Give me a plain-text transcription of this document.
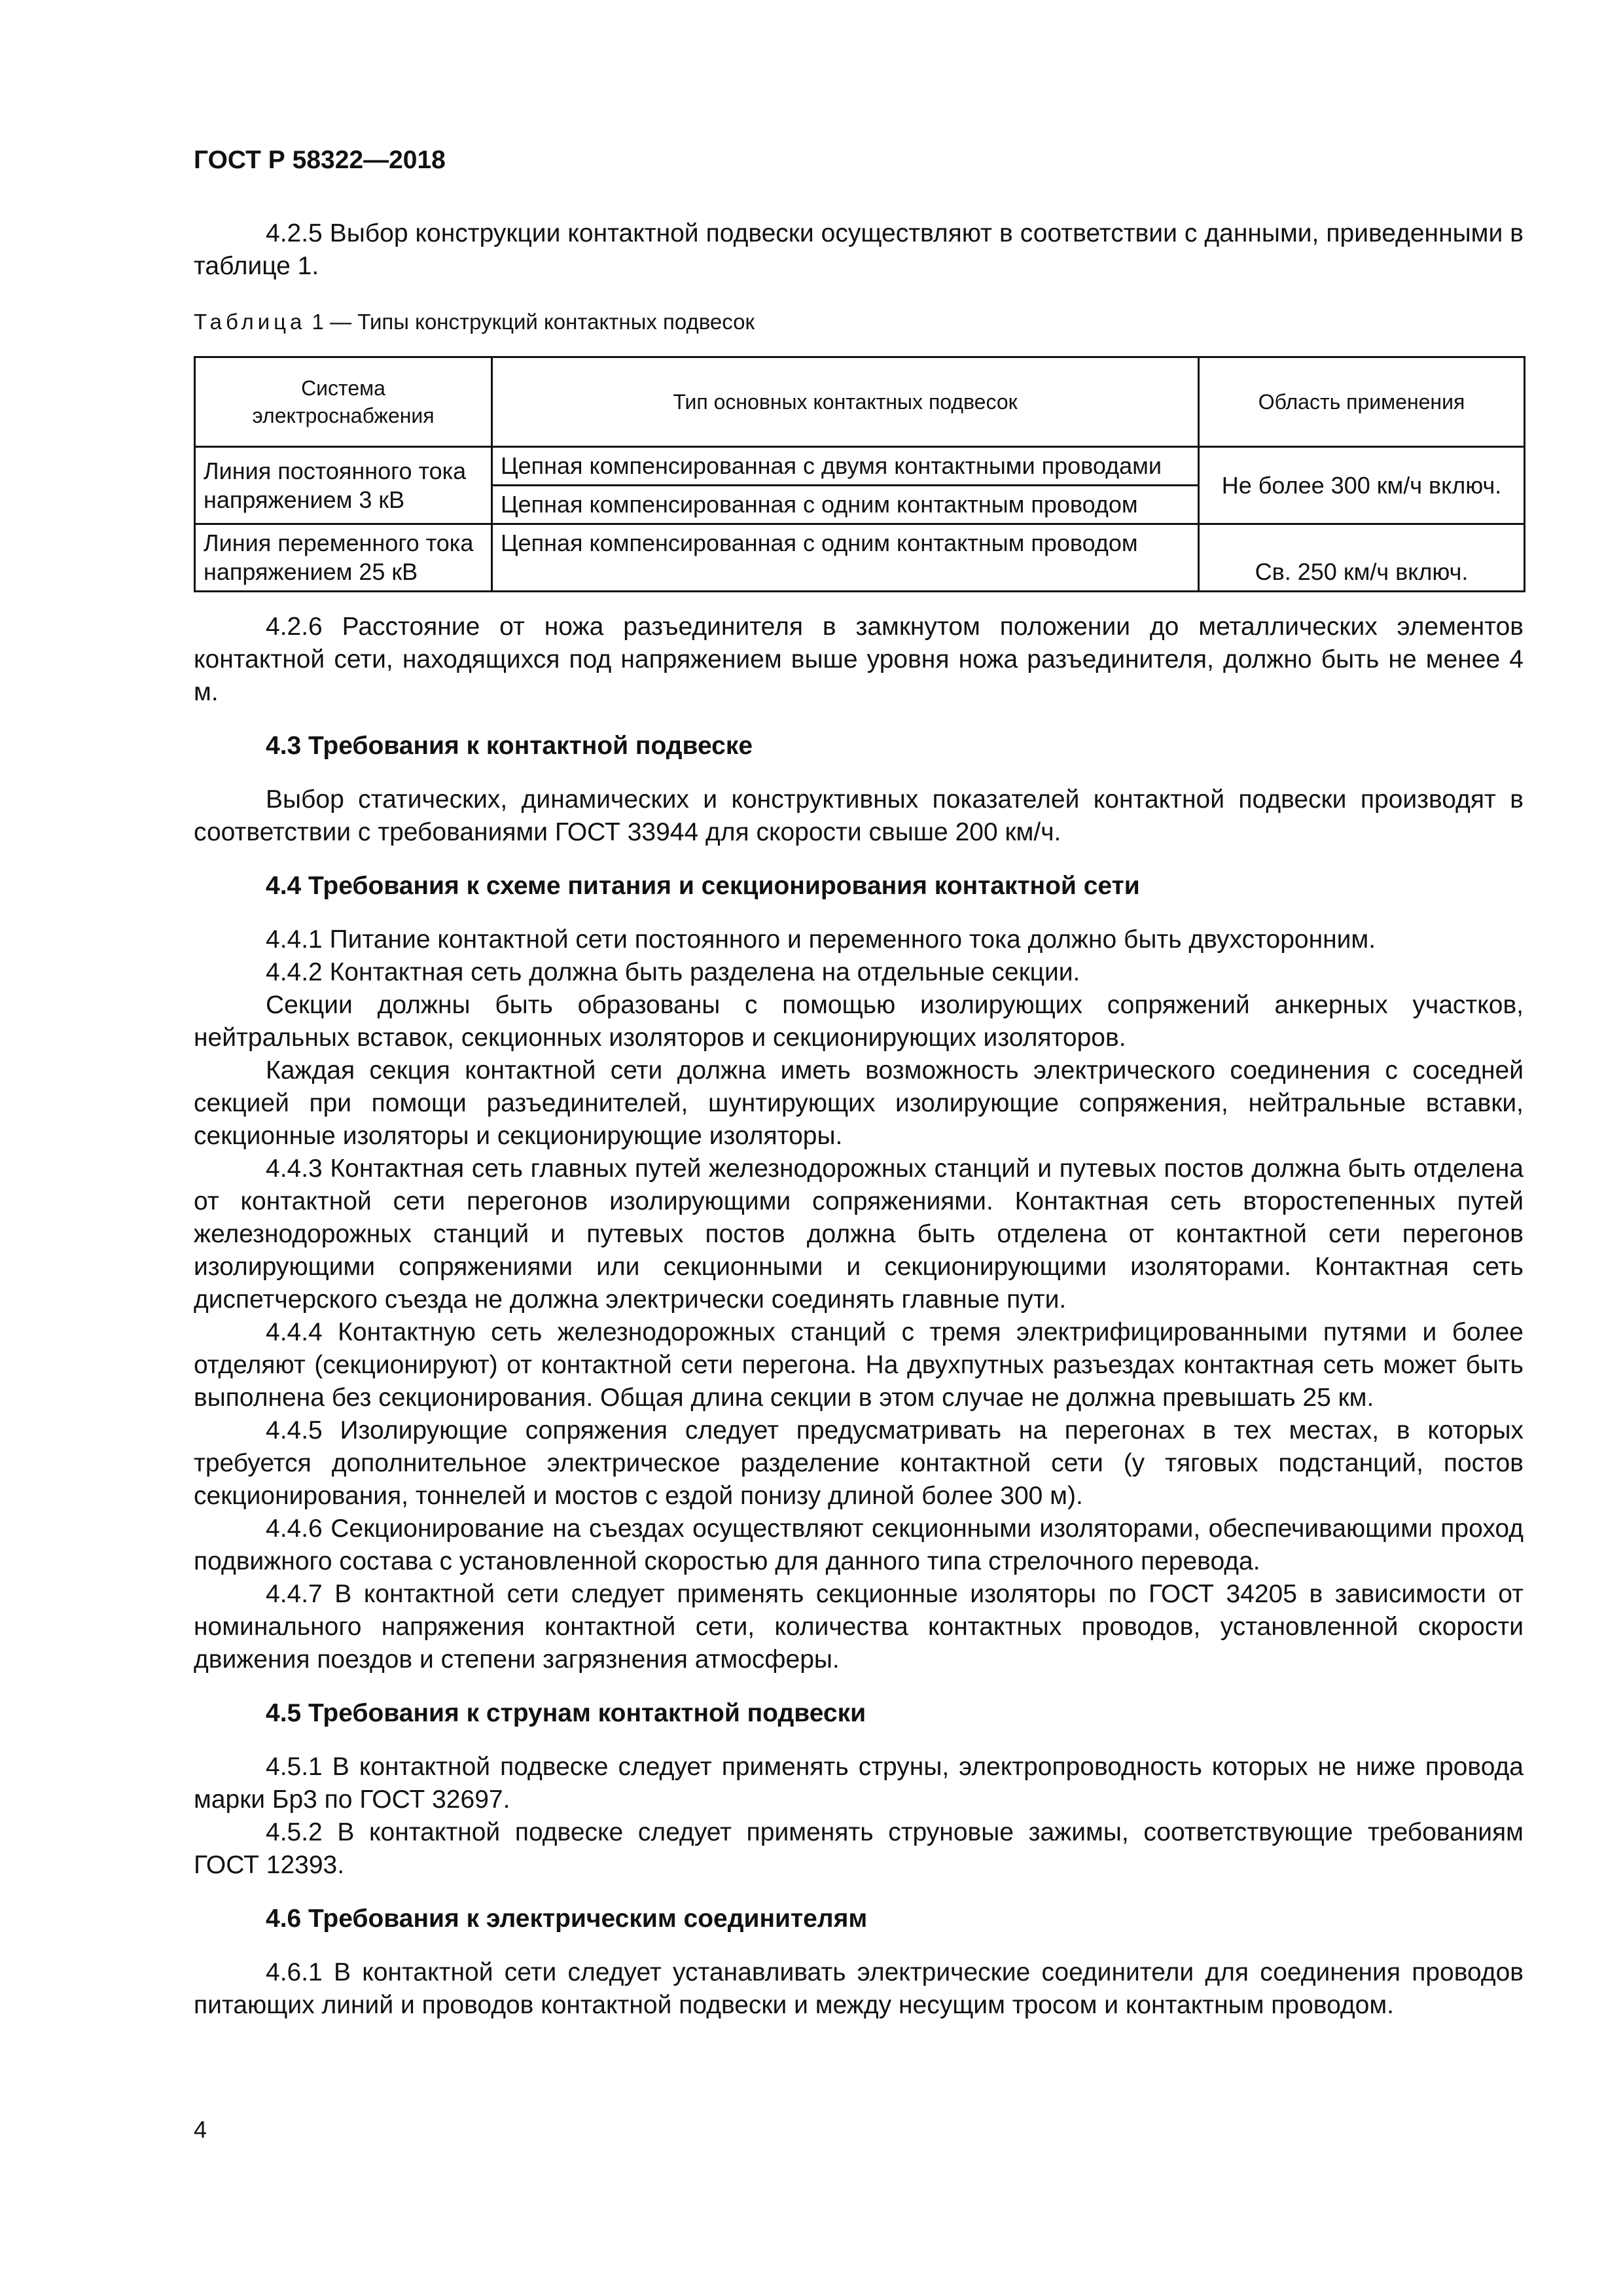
ГОСТ Р 58322—2018

4.2.5 Выбор конструкции контактной подвески осуществляют в соответствии с данными, приведенными в таблице 1.

Таблица 1 — Типы конструкций контактных подвесок
Система электроснабжения	Тип основных контактных подвесок	Область применения
Линия постоянного тока напряжением 3 кВ	Цепная компенсированная с двумя контактными проводами	Не более 300 км/ч включ.
	Цепная компенсированная с одним контактным проводом	
Линия переменного тока напряжением 25 кВ	Цепная компенсированная с одним контактным проводом	Св. 250 км/ч включ.

4.2.6 Расстояние от ножа разъединителя в замкнутом положении до металлических элементов контактной сети, находящихся под напряжением выше уровня ножа разъединителя, должно быть не менее 4 м.

4.3 Требования к контактной подвеске

Выбор статических, динамических и конструктивных показателей контактной подвески производят в соответствии с требованиями ГОСТ 33944 для скорости свыше 200 км/ч.

4.4 Требования к схеме питания и секционирования контактной сети

4.4.1 Питание контактной сети постоянного и переменного тока должно быть двухсторонним.

4.4.2 Контактная сеть должна быть разделена на отдельные секции.

Секции должны быть образованы с помощью изолирующих сопряжений анкерных участков, нейтральных вставок, секционных изоляторов и секционирующих изоляторов.

Каждая секция контактной сети должна иметь возможность электрического соединения с соседней секцией при помощи разъединителей, шунтирующих изолирующие сопряжения, нейтральные вставки, секционные изоляторы и секционирующие изоляторы.

4.4.3 Контактная сеть главных путей железнодорожных станций и путевых постов должна быть отделена от контактной сети перегонов изолирующими сопряжениями. Контактная сеть второстепенных путей железнодорожных станций и путевых постов должна быть отделена от контактной сети перегонов изолирующими сопряжениями или секционными и секционирующими изоляторами. Контактная сеть диспетчерского съезда не должна электрически соединять главные пути.

4.4.4 Контактную сеть железнодорожных станций с тремя электрифицированными путями и более отделяют (секционируют) от контактной сети перегона. На двухпутных разъездах контактная сеть может быть выполнена без секционирования. Общая длина секции в этом случае не должна превышать 25 км.

4.4.5 Изолирующие сопряжения следует предусматривать на перегонах в тех местах, в которых требуется дополнительное электрическое разделение контактной сети (у тяговых подстанций, постов секционирования, тоннелей и мостов с ездой понизу длиной более 300 м).

4.4.6 Секционирование на съездах осуществляют секционными изоляторами, обеспечивающими проход подвижного состава с установленной скоростью для данного типа стрелочного перевода.

4.4.7 В контактной сети следует применять секционные изоляторы по ГОСТ 34205 в зависимости от номинального напряжения контактной сети, количества контактных проводов, установленной скорости движения поездов и степени загрязнения атмосферы.

4.5 Требования к струнам контактной подвески

4.5.1 В контактной подвеске следует применять струны, электропроводность которых не ниже провода марки Бр3 по ГОСТ 32697.

4.5.2 В контактной подвеске следует применять струновые зажимы, соответствующие требованиям ГОСТ 12393.

4.6 Требования к электрическим соединителям

4.6.1 В контактной сети следует устанавливать электрические соединители для соединения проводов питающих линий и проводов контактной подвески и между несущим тросом и контактным проводом.

4
